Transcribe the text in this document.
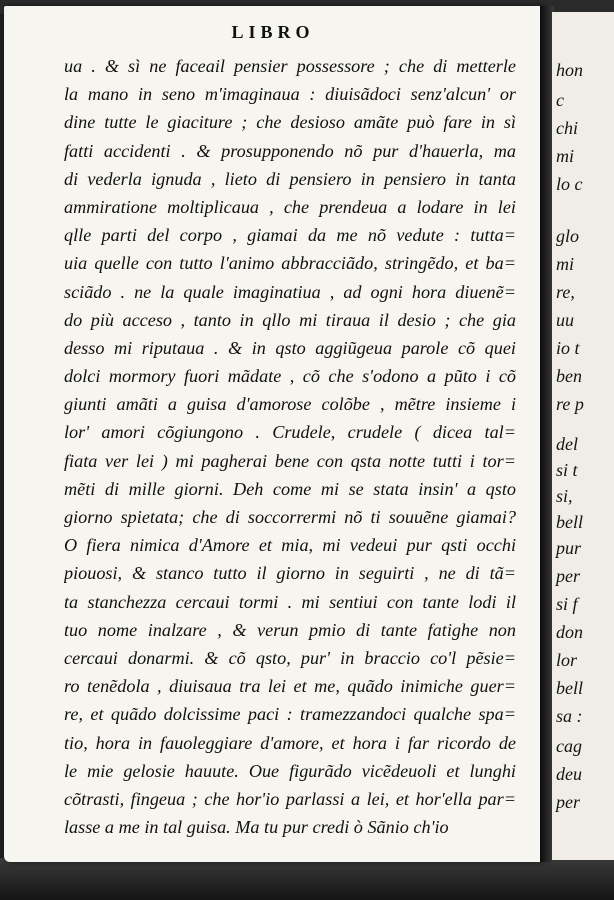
LIBRO
ua . & sì ne faceail pensier possessore ; che di metterle
la mano in seno m'imaginaua : diuisãdoci senz'alcun' or
dine tutte le giaciture ; che desioso amãte può fare in sì
fatti accidenti . & prosupponendo nõ pur d'hauerla, ma
di vederla ignuda , lieto di pensiero in pensiero in tanta
ammiratione moltiplicaua , che prendeua a lodare in lei
qlle parti del corpo , giamai da me nõ vedute : tutta=
uia quelle con tutto l'animo abbracciãdo, stringẽdo, et ba=
sciãdo . ne la quale imaginatiua , ad ogni hora diuenẽ=
do più acceso , tanto in qllo mi tiraua il desio ; che gia
desso mi riputaua . & in qsto aggiũgeua parole cõ quei
dolci mormory fuori mãdate , cõ che s'odono a pũto i cõ
giunti amãti a guisa d'amorose colõbe , mẽtre insieme i
lor' amori cõgiungono . Crudele, crudele ( dicea tal=
fiata ver lei ) mi pagherai bene con qsta notte tutti i tor=
mẽti di mille giorni. Deh come mi se stata insin' a qsto
giorno spietata; che di soccorrermi nõ ti souuẽne giamai?
O fiera nimica d'Amore et mia, mi vedeui pur qsti occhi
piouosi, & stanco tutto il giorno in seguirti , ne di tã=
ta stanchezza cercaui tormi . mi sentiui con tante lodi il
tuo nome inalzare , & verun pmio di tante fatighe non
cercaui donarmi. & cõ qsto, pur' in braccio co'l pẽsie=
ro tenẽdola , diuisaua tra lei et me, quãdo inimiche guer=
re, et quãdo dolcissime paci : tramezzandoci qualche spa=
tio, hora in fauoleggiare d'amore, et hora i far ricordo de
le mie gelosie hauute. Oue figurãdo vicẽdeuoli et lunghi
cõtrasti, fingeua ; che hor'io parlassi a lei, et hor'ella par=
lasse a me in tal guisa. Ma tu pur credi ò Sãnio ch'io
hon
c
chi
mi
lo c
glo
mi
re,
uu
io t
ben
re p
del
si t
si,
bell
pur
per
si f
don
lor
bell
sa :
cag
deu
per
